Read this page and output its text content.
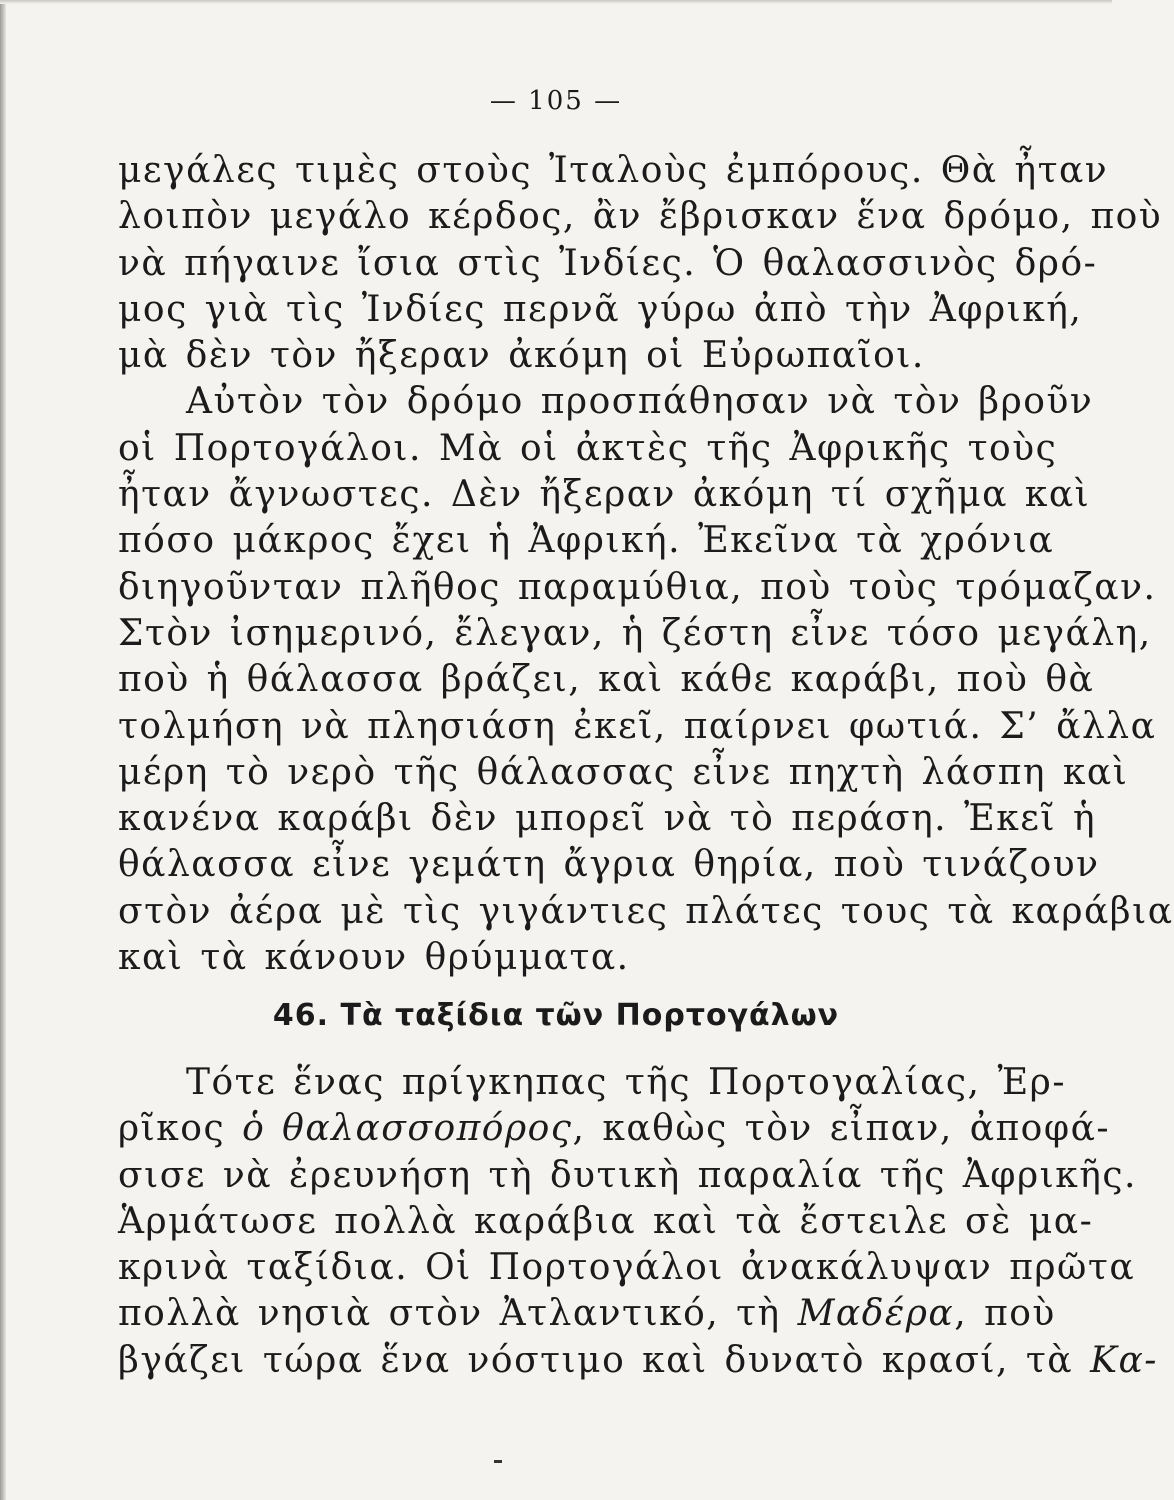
— 105 —
μεγάλες τιμὲς στοὺς Ἰταλοὺς ἐμπόρους. Θὰ ἦταν
λοιπὸν μεγάλο κέρδος, ἂν ἔβρισκαν ἕνα δρόμο, ποὺ
νὰ πήγαινε ἴσια στὶς Ἰνδίες. Ὁ θαλασσινὸς δρό-
μος γιὰ τὶς Ἰνδίες περνᾶ γύρω ἀπὸ τὴν Ἀφρική,
μὰ δὲν τὸν ἤξεραν ἀκόμη οἱ Εὐρωπαῖοι.
Αὐτὸν τὸν δρόμο προσπάθησαν νὰ τὸν βροῦν
οἱ Πορτογάλοι. Μὰ οἱ ἀκτὲς τῆς Ἀφρικῆς τοὺς
ἦταν ἄγνωστες. Δὲν ἤξεραν ἀκόμη τί σχῆμα καὶ
πόσο μάκρος ἔχει ἡ Ἀφρική. Ἐκεῖνα τὰ χρόνια
διηγοῦνταν πλῆθος παραμύθια, ποὺ τοὺς τρόμαζαν.
Στὸν ἰσημερινό, ἔλεγαν, ἡ ζέστη εἶνε τόσο μεγάλη,
ποὺ ἡ θάλασσα βράζει, καὶ κάθε καράβι, ποὺ θὰ
τολμήση νὰ πλησιάση ἐκεῖ, παίρνει φωτιά. Σ’ ἄλλα
μέρη τὸ νερὸ τῆς θάλασσας εἶνε πηχτὴ λάσπη καὶ
κανένα καράβι δὲν μπορεῖ νὰ τὸ περάση. Ἐκεῖ ἡ
θάλασσα εἶνε γεμάτη ἄγρια θηρία, ποὺ τινάζουν
στὸν ἀέρα μὲ τὶς γιγάντιες πλάτες τους τὰ καράβια
καὶ τὰ κάνουν θρύμματα.
46. Τὰ ταξίδια τῶν Πορτογάλων
Τότε ἕνας πρίγκηπας τῆς Πορτογαλίας, Ἐρ-
ρῖκος ὁ θαλασσοπόρος, καθὼς τὸν εἶπαν, ἀποφά-
σισε νὰ ἐρευνήση τὴ δυτικὴ παραλία τῆς Ἀφρικῆς.
Ἁρμάτωσε πολλὰ καράβια καὶ τὰ ἔστειλε σὲ μα-
κρινὰ ταξίδια. Οἱ Πορτογάλοι ἀνακάλυψαν πρῶτα
πολλὰ νησιὰ στὸν Ἀτλαντικό, τὴ Μαδέρα, ποὺ
βγάζει τώρα ἕνα νόστιμο καὶ δυνατὸ κρασί, τὰ Κα-
